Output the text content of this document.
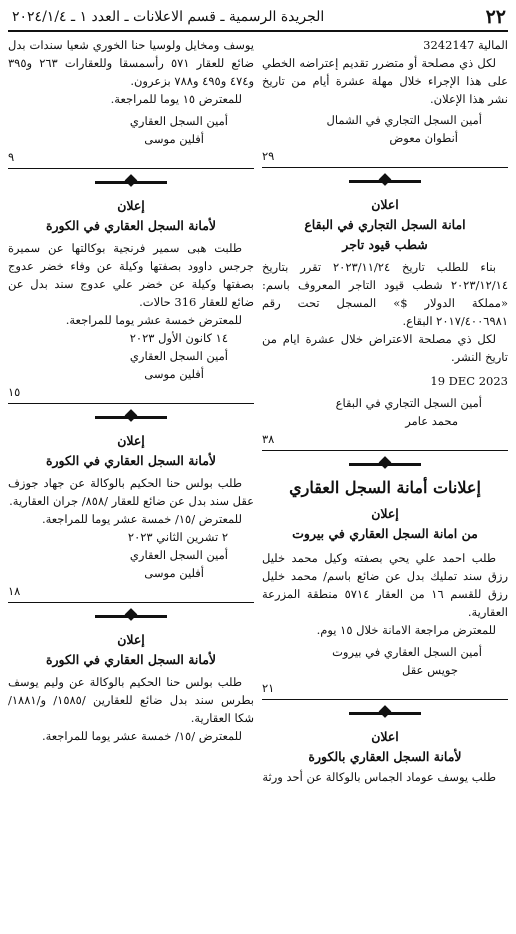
٢٢
الجريدة الرسمية ـ قسم الاعلانات ـ العدد ١ ـ ٢٠٢٤/١/٤

3242147 المالية

لكل ذي مصلحة أو متضرر تقديم إعتراضه الخطي على هذا الإجراء خلال مهلة عشرة أيام من تاريخ نشر هذا الإعلان.

أمين السجل التجاري في الشمال

أنطوان معوض

٢٩

اعلان

امانة السجل التجاري في البقاع

شطب قيود تاجر

بناء للطلب تاريخ ٢٠٢٣/١١/٢٤ تقرر بتاريخ ٢٠٢٣/١٢/١٤ شطب قيود التاجر المعروف باسم: «مملكة الدولار $» المسجل تحت رقم ٢٠١٧/٤٠٠٦٩٨١ البقاع.

لكل ذي مصلحة الاعتراض خلال عشرة ايام من تاريخ النشر.

19 DEC 2023

أمين السجل التجاري في البقاع

محمد عامر

٣٨

إعلانات أمانة السجل العقاري

إعلان

من امانة السجل العقاري في بيروت

طلب احمد علي يحي بصفته وكيل محمد خليل رزق سند تمليك بدل عن ضائع باسم/ محمد خليل رزق للقسم ١٦ من العقار ٥٧١٤ منطقة المزرعة العقارية.

للمعترض مراجعة الامانة خلال ١٥ يوم.

أمين السجل العقاري في بيروت

جويس عقل

٢١

اعلان

لأمانة السجل العقاري بالكورة

طلب يوسف عوماد الجماس بالوكالة عن أحد ورثة

يوسف ومخايل ولوسيا حنا الخوري شعيا سندات بدل ضائع للعقار ٥٧١ رأسمسقا وللعقارات ٢٦٣ و٣٩٥ و٤٧٤ و٤٩٥ و٧٨٨ بزعرون.

للمعترض ١٥ يوما للمراجعة.

أمين السجل العقاري

أفلين موسى

٩

إعلان

لأمانة السجل العقاري في الكورة

طلبت هبى سمير فرنجية بوكالتها عن سميرة جرجس داوود بصفتها وكيلة عن وفاء خضر عدوج بصفتها وكيلة عن خضر علي عدوج سند بدل عن ضائع للعقار 316 حالات.

للمعترض خمسة عشر يوما للمراجعة.

١٤ كانون الأول ٢٠٢٣

أمين السجل العقاري

أفلين موسى

١٥

إعلان

لأمانة السجل العقاري في الكورة

طلب بولس حنا الحكيم بالوكالة عن جهاد جوزف عقل سند بدل عن ضائع للعقار /٨٥٨/ جران العقارية.

للمعترض /١٥/ خمسة عشر يوما للمراجعة.

٢ تشرين الثاني ٢٠٢٣

أمين السجل العقاري

أفلين موسى

١٨

إعلان

لأمانة السجل العقاري في الكورة

طلب بولس حنا الحكيم بالوكالة عن وليم يوسف بطرس سند بدل ضائع للعقارين /١٥٨٥/ و/١٨٨١/ شكا العقارية.

للمعترض /١٥/ خمسة عشر يوما للمراجعة.
